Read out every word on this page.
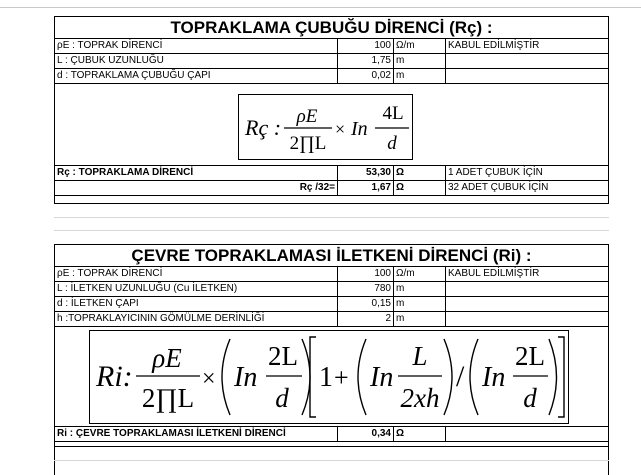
TOPRAKLAMA ÇUBUĞU DİRENCİ (Rç) :
ρE : TOPRAK DİRENCİ	100 Ω/m	KABUL EDİLMİŞTİR
L : ÇUBUK UZUNLUĞU	1,75 m
d : TOPRAKLAMA ÇUBUĞU ÇAPI	0,02 m
Rç : ρE
2∏L
× In
4L
d
Rç : TOPRAKLAMA DİRENCİ	53,30 Ω	1 ADET ÇUBUK İÇİN
Rç /32=	1,67 Ω	32 ADET ÇUBUK İÇİN
ÇEVRE TOPRAKLAMASI İLETKENİ DİRENCİ (Ri) :
ρE : TOPRAK DİRENCİ	100 Ω/m	KABUL EDİLMİŞTİR
L : İLETKEN UZUNLUĞU (Cu İLETKEN)	780 m
d : İLETKEN ÇAPI	0,15 m
h :TOPRAKLAYICININ GÖMÜLME DERİNLİĞİ	2 m
Ri:
ρE
2∏L
× In
2L
d
1 + In
L
2xh
/ In
2L
d
Ri : ÇEVRE TOPRAKLAMASI İLETKENİ DİRENCİ	0,34 Ω
